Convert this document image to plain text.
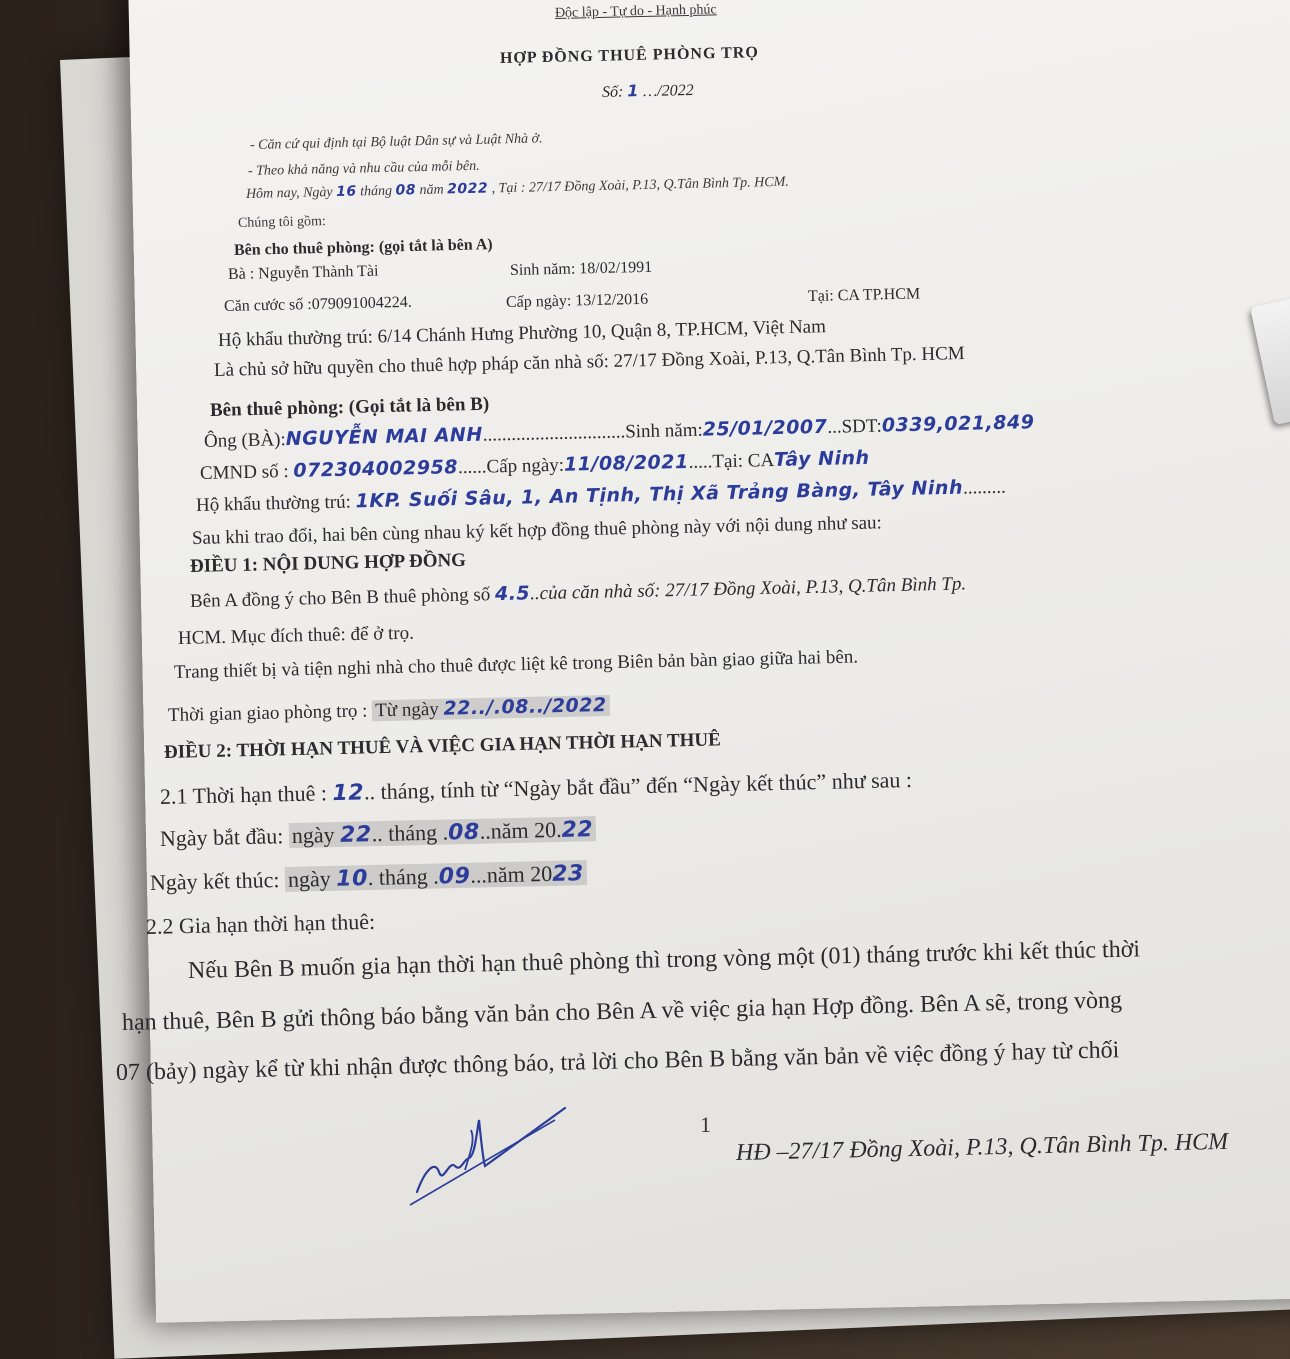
Độc lập - Tự do - Hạnh phúc
HỢP ĐỒNG THUÊ PHÒNG TRỌ
Số: 1 …/2022
- Căn cứ qui định tại Bộ luật Dân sự và Luật Nhà ở.
- Theo khả năng và nhu cầu của mỗi bên.
Hôm nay, Ngày 16 tháng 08 năm 2022 , Tại : 27/17 Đồng Xoài, P.13, Q.Tân Bình Tp. HCM.
Chúng tôi gồm:
Bên cho thuê phòng: (gọi tắt là bên A)
Bà : Nguyễn Thành Tài	Sinh năm: 18/02/1991
Căn cước số :079091004224.	Cấp ngày: 13/12/2016	Tại: CA TP.HCM
Hộ khẩu thường trú: 6/14 Chánh Hưng Phường 10, Quận 8, TP.HCM, Việt Nam
Là chủ sở hữu quyền cho thuê hợp pháp căn nhà số: 27/17 Đồng Xoài, P.13, Q.Tân Bình Tp. HCM
Bên thuê phòng: (Gọi tắt là bên B)
Ông (BÀ):NGUYỄN MAI ANH..............................Sinh năm:25/01/2007...SDT:0339,021,849
CMND số : 072304002958......Cấp ngày:11/08/2021.....Tại: CATây Ninh
Hộ khẩu thường trú: 1KP. Suối Sâu, 1, An Tịnh, Thị Xã Trảng Bàng, Tây Ninh.........
Sau khi trao đổi, hai bên cùng nhau ký kết hợp đồng thuê phòng này với nội dung như sau:
ĐIỀU 1: NỘI DUNG HỢP ĐỒNG
Bên A đồng ý cho Bên B thuê phòng số 4.5..của căn nhà số: 27/17 Đồng Xoài, P.13, Q.Tân Bình Tp.
HCM. Mục đích thuê: để ở trọ.
Trang thiết bị và tiện nghi nhà cho thuê được liệt kê trong Biên bản bàn giao giữa hai bên.
Thời gian giao phòng trọ : Từ ngày 22../.08../2022
ĐIỀU 2: THỜI HẠN THUÊ VÀ VIỆC GIA HẠN THỜI HẠN THUÊ
2.1 Thời hạn thuê : 12.. tháng, tính từ “Ngày bắt đầu” đến “Ngày kết thúc” như sau :
Ngày bắt đầu: ngày 22.. tháng .08..năm 20.22
Ngày kết thúc: ngày 10. tháng .09...năm 2023
2.2 Gia hạn thời hạn thuê:
Nếu Bên B muốn gia hạn thời hạn thuê phòng thì trong vòng một (01) tháng trước khi kết thúc thời
hạn thuê, Bên B gửi thông báo bằng văn bản cho Bên A về việc gia hạn Hợp đồng. Bên A sẽ, trong vòng
07 (bảy) ngày kể từ khi nhận được thông báo, trả lời cho Bên B bằng văn bản về việc đồng ý hay từ chối
1
HĐ –27/17 Đồng Xoài, P.13, Q.Tân Bình Tp. HCM
